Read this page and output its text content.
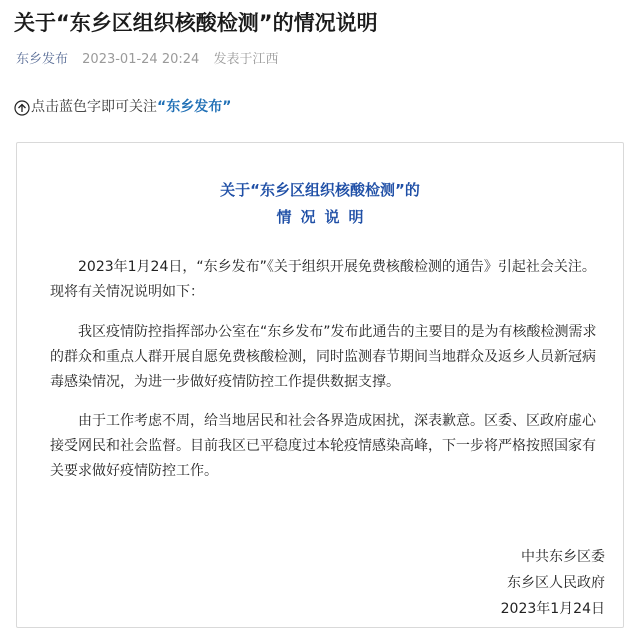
关于“东乡区组织核酸检测”的情况说明
东乡发布 2023-01-24 20:24 发表于江西
点击蓝色字即可关注“东乡发布”
关于“东乡区组织核酸检测”的
情况说明
2023年1月24日，“东乡发布”《关于组织开展免费核酸检测的通告》引起社会关注。现将有关情况说明如下：
我区疫情防控指挥部办公室在“东乡发布”发布此通告的主要目的是为有核酸检测需求的群众和重点人群开展自愿免费核酸检测，同时监测春节期间当地群众及返乡人员新冠病毒感染情况，为进一步做好疫情防控工作提供数据支撑。
由于工作考虑不周，给当地居民和社会各界造成困扰，深表歉意。区委、区政府虚心接受网民和社会监督。目前我区已平稳度过本轮疫情感染高峰，下一步将严格按照国家有关要求做好疫情防控工作。
中共东乡区委
东乡区人民政府
2023年1月24日
